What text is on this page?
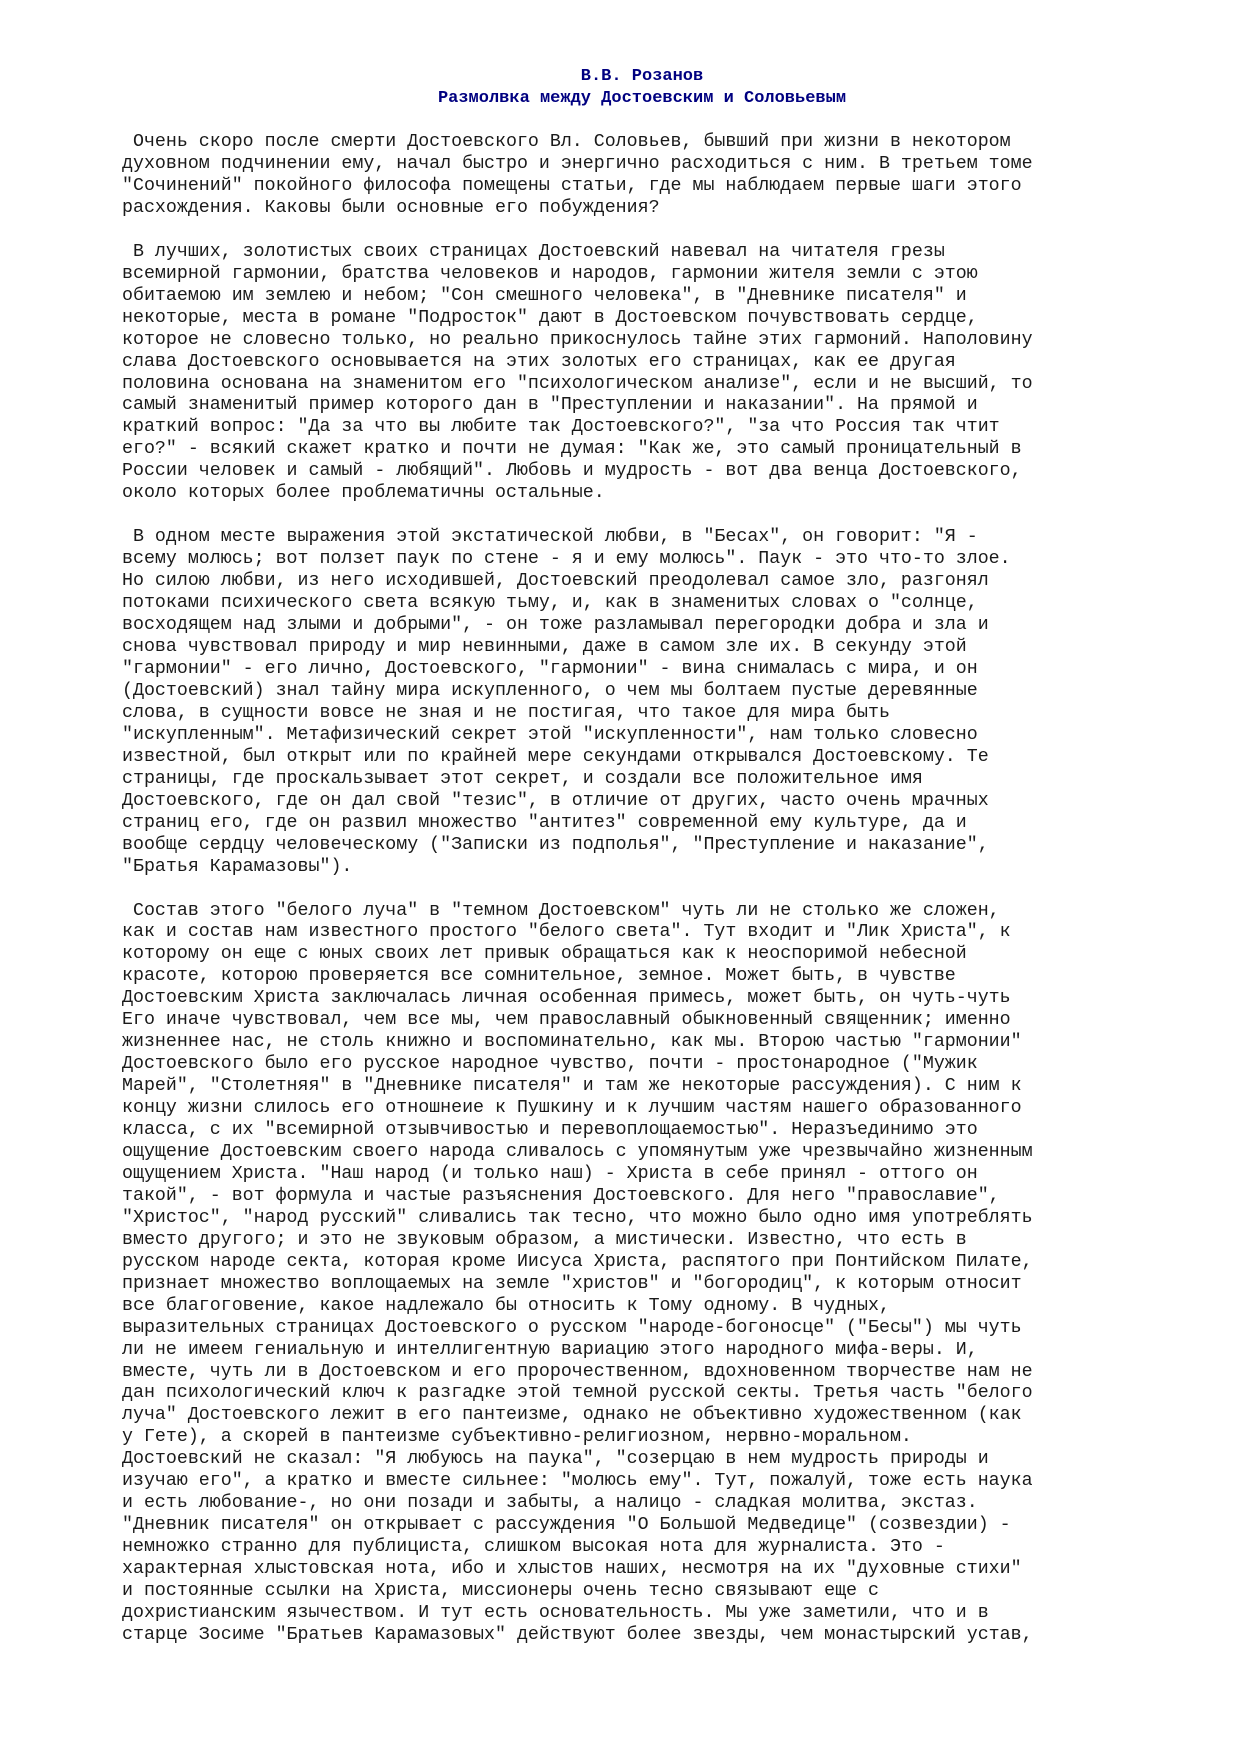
В.В. Розанов
Размолвка между Достоевским и Соловьевым
Очень скоро после смерти Достоевского Вл. Соловьев, бывший при жизни в некотором
духовном подчинении ему, начал быстро и энергично расходиться с ним. В третьем томе
"Сочинений" покойного философа помещены статьи, где мы наблюдаем первые шаги этого
расхождения. Каковы были основные его побуждения?
В лучших, золотистых своих страницах Достоевский навевал на читателя грезы
всемирной гармонии, братства человеков и народов, гармонии жителя земли с этою
обитаемою им землею и небом; "Сон смешного человека", в "Дневнике писателя" и
некоторые, места в романе "Подросток" дают в Достоевском почувствовать сердце,
которое не словесно только, но реально прикоснулось тайне этих гармоний. Наполовину
слава Достоевского основывается на этих золотых его страницах, как ее другая
половина основана на знаменитом его "психологическом анализе", если и не высший, то
самый знаменитый пример которого дан в "Преступлении и наказании". На прямой и
краткий вопрос: "Да за что вы любите так Достоевского?", "за что Россия так чтит
его?" - всякий скажет кратко и почти не думая: "Как же, это самый проницательный в
России человек и самый - любящий". Любовь и мудрость - вот два венца Достоевского,
около которых более проблематичны остальные.
В одном месте выражения этой экстатической любви, в "Бесах", он говорит: "Я -
всему молюсь; вот ползет паук по стене - я и ему молюсь". Паук - это что-то злое.
Но силою любви, из него исходившей, Достоевский преодолевал самое зло, разгонял
потоками психического света всякую тьму, и, как в знаменитых словах о "солнце,
восходящем над злыми и добрыми", - он тоже разламывал перегородки добра и зла и
снова чувствовал природу и мир невинными, даже в самом зле их. В секунду этой
"гармонии" - его лично, Достоевского, "гармонии" - вина снималась с мира, и он
(Достоевский) знал тайну мира искупленного, о чем мы болтаем пустые деревянные
слова, в сущности вовсе не зная и не постигая, что такое для мира быть
"искупленным". Метафизический секрет этой "искупленности", нам только словесно
известной, был открыт или по крайней мере секундами открывался Достоевскому. Те
страницы, где проскальзывает этот секрет, и создали все положительное имя
Достоевского, где он дал свой "тезис", в отличие от других, часто очень мрачных
страниц его, где он развил множество "антитез" современной ему культуре, да и
вообще сердцу человеческому ("Записки из подполья", "Преступление и наказание",
"Братья Карамазовы").
Состав этого "белого луча" в "темном Достоевском" чуть ли не столько же сложен,
как и состав нам известного простого "белого света". Тут входит и "Лик Христа", к
которому он еще с юных своих лет привык обращаться как к неоспоримой небесной
красоте, которою проверяется все сомнительное, земное. Может быть, в чувстве
Достоевским Христа заключалась личная особенная примесь, может быть, он чуть-чуть
Его иначе чувствовал, чем все мы, чем православный обыкновенный священник; именно
жизненнее нас, не столь книжно и воспоминательно, как мы. Второю частью "гармонии"
Достоевского было его русское народное чувство, почти - простонародное ("Мужик
Марей", "Столетняя" в "Дневнике писателя" и там же некоторые рассуждения). С ним к
концу жизни слилось его отношнеие к Пушкину и к лучшим частям нашего образованного
класса, с их "всемирной отзывчивостью и перевоплощаемостью". Неразъединимо это
ощущение Достоевским своего народа сливалось с упомянутым уже чрезвычайно жизненным
ощущением Христа. "Наш народ (и только наш) - Христа в себе принял - оттого он
такой", - вот формула и частые разъяснения Достоевского. Для него "православие",
"Христос", "народ русский" сливались так тесно, что можно было одно имя употреблять
вместо другого; и это не звуковым образом, а мистически. Известно, что есть в
русском народе секта, которая кроме Иисуса Христа, распятого при Понтийском Пилате,
признает множество воплощаемых на земле "христов" и "богородиц", к которым относит
все благоговение, какое надлежало бы относить к Тому одному. В чудных,
выразительных страницах Достоевского о русском "народе-богоносце" ("Бесы") мы чуть
ли не имеем гениальную и интеллигентную вариацию этого народного мифа-веры. И,
вместе, чуть ли в Достоевском и его пророчественном, вдохновенном творчестве нам не
дан психологический ключ к разгадке этой темной русской секты. Третья часть "белого
луча" Достоевского лежит в его пантеизме, однако не объективно художественном (как
у Гете), а скорей в пантеизме субъективно-религиозном, нервно-моральном.
Достоевский не сказал: "Я любуюсь на паука", "созерцаю в нем мудрость природы и
изучаю его", а кратко и вместе сильнее: "молюсь ему". Тут, пожалуй, тоже есть наука
и есть любование-, но они позади и забыты, а налицо - сладкая молитва, экстаз.
"Дневник писателя" он открывает с рассуждения "О Большой Медведице" (созвездии) -
немножко странно для публициста, слишком высокая нота для журналиста. Это -
характерная хлыстовская нота, ибо и хлыстов наших, несмотря на их "духовные стихи"
и постоянные ссылки на Христа, миссионеры очень тесно связывают еще с
дохристианским язычеством. И тут есть основательность. Мы уже заметили, что и в
старце Зосиме "Братьев Карамазовых" действуют более звезды, чем монастырский устав,
